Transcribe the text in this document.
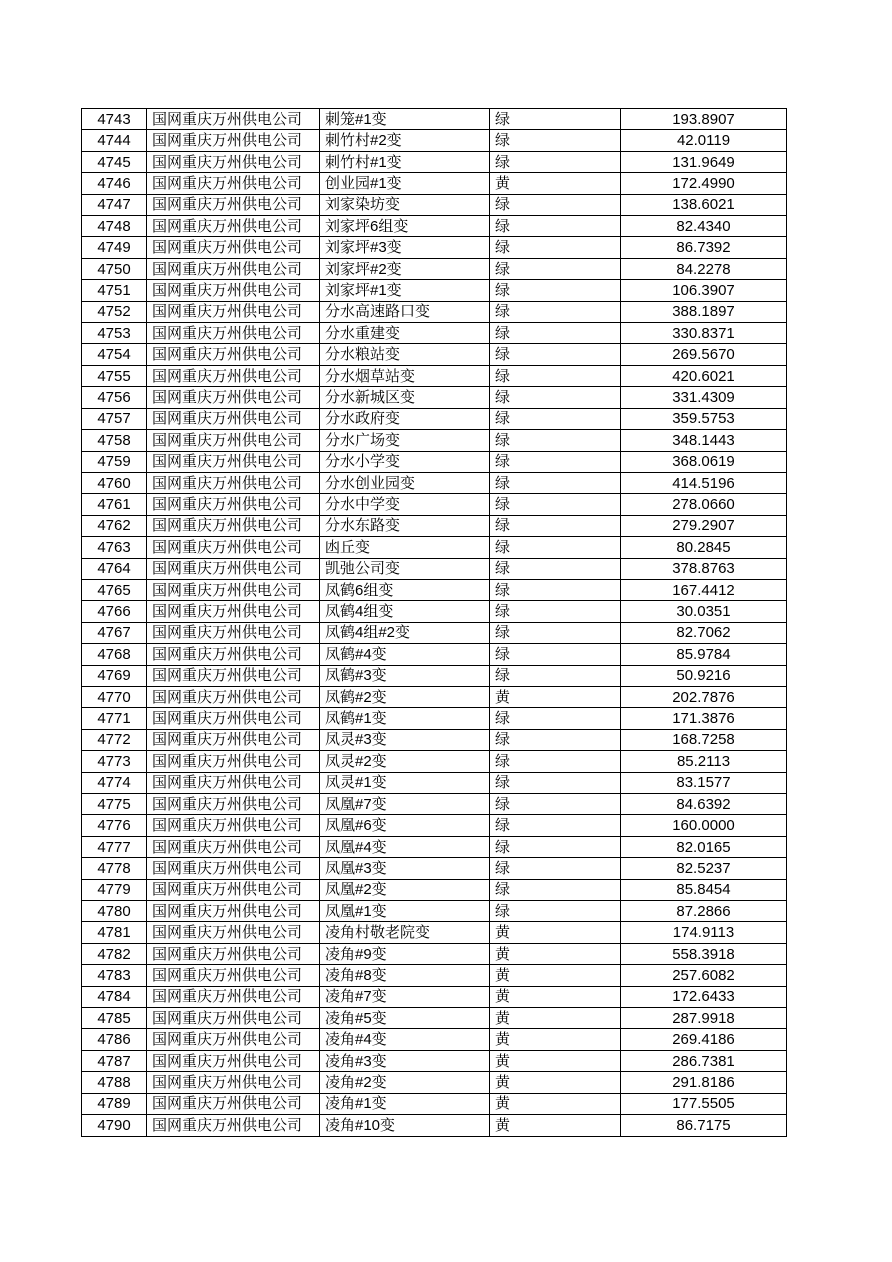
4743	国网重庆万州供电公司	刺笼#1变	绿	193.8907
4744	国网重庆万州供电公司	刺竹村#2变	绿	42.0119
4745	国网重庆万州供电公司	刺竹村#1变	绿	131.9649
4746	国网重庆万州供电公司	创业园#1变	黄	172.4990
4747	国网重庆万州供电公司	刘家染坊变	绿	138.6021
4748	国网重庆万州供电公司	刘家坪6组变	绿	82.4340
4749	国网重庆万州供电公司	刘家坪#3变	绿	86.7392
4750	国网重庆万州供电公司	刘家坪#2变	绿	84.2278
4751	国网重庆万州供电公司	刘家坪#1变	绿	106.3907
4752	国网重庆万州供电公司	分水高速路口变	绿	388.1897
4753	国网重庆万州供电公司	分水重建变	绿	330.8371
4754	国网重庆万州供电公司	分水粮站变	绿	269.5670
4755	国网重庆万州供电公司	分水烟草站变	绿	420.6021
4756	国网重庆万州供电公司	分水新城区变	绿	331.4309
4757	国网重庆万州供电公司	分水政府变	绿	359.5753
4758	国网重庆万州供电公司	分水广场变	绿	348.1443
4759	国网重庆万州供电公司	分水小学变	绿	368.0619
4760	国网重庆万州供电公司	分水创业园变	绿	414.5196
4761	国网重庆万州供电公司	分水中学变	绿	278.0660
4762	国网重庆万州供电公司	分水东路变	绿	279.2907
4763	国网重庆万州供电公司	凼丘变	绿	80.2845
4764	国网重庆万州供电公司	凯弛公司变	绿	378.8763
4765	国网重庆万州供电公司	凤鹤6组变	绿	167.4412
4766	国网重庆万州供电公司	凤鹤4组变	绿	30.0351
4767	国网重庆万州供电公司	凤鹤4组#2变	绿	82.7062
4768	国网重庆万州供电公司	凤鹤#4变	绿	85.9784
4769	国网重庆万州供电公司	凤鹤#3变	绿	50.9216
4770	国网重庆万州供电公司	凤鹤#2变	黄	202.7876
4771	国网重庆万州供电公司	凤鹤#1变	绿	171.3876
4772	国网重庆万州供电公司	凤灵#3变	绿	168.7258
4773	国网重庆万州供电公司	凤灵#2变	绿	85.2113
4774	国网重庆万州供电公司	凤灵#1变	绿	83.1577
4775	国网重庆万州供电公司	凤凰#7变	绿	84.6392
4776	国网重庆万州供电公司	凤凰#6变	绿	160.0000
4777	国网重庆万州供电公司	凤凰#4变	绿	82.0165
4778	国网重庆万州供电公司	凤凰#3变	绿	82.5237
4779	国网重庆万州供电公司	凤凰#2变	绿	85.8454
4780	国网重庆万州供电公司	凤凰#1变	绿	87.2866
4781	国网重庆万州供电公司	凌角村敬老院变	黄	174.9113
4782	国网重庆万州供电公司	凌角#9变	黄	558.3918
4783	国网重庆万州供电公司	凌角#8变	黄	257.6082
4784	国网重庆万州供电公司	凌角#7变	黄	172.6433
4785	国网重庆万州供电公司	凌角#5变	黄	287.9918
4786	国网重庆万州供电公司	凌角#4变	黄	269.4186
4787	国网重庆万州供电公司	凌角#3变	黄	286.7381
4788	国网重庆万州供电公司	凌角#2变	黄	291.8186
4789	国网重庆万州供电公司	凌角#1变	黄	177.5505
4790	国网重庆万州供电公司	凌角#10变	黄	86.7175
